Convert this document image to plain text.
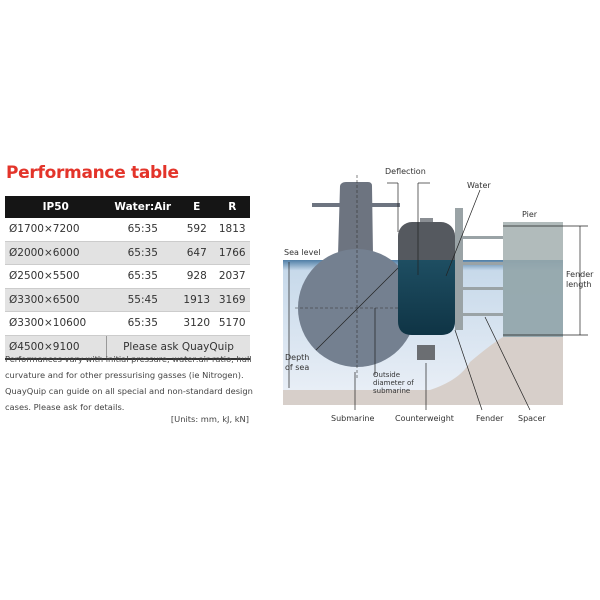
Performance table
IP50	Water:Air	E	R
Ø1700×7200	65:35	592	1813
Ø2000×6000	65:35	647	1766
Ø2500×5500	65:35	928	2037
Ø3300×6500	55:45	1913	3169
Ø3300×10600	65:35	3120	5170
Ø4500×9100	Please ask QuayQuip		
Performances vary with initial pressure, water:air ratio, hull curvature and for other pressurising gasses (ie Nitrogen). QuayQuip can guide on all special and non-standard design cases. Please ask for details.
[Units: mm, kJ, kN]
Deflection
Water
Pier
Sea level
Fender length
Depth of sea
Outside diameter of submarine
Submarine	Counterweight	Fender Spacer
